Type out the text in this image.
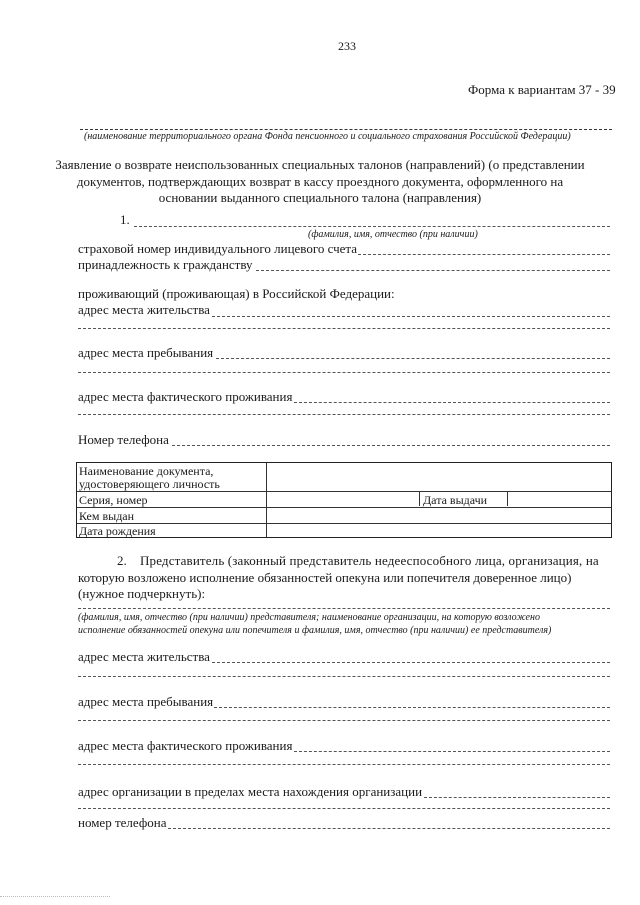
233
Форма к вариантам 37 - 39
(наименование территориального органа Фонда пенсионного и социального страхования Российской Федерации)
Заявление о возврате неиспользованных специальных талонов (направлений) (о представлении
документов, подтверждающих возврат в кассу проездного документа, оформленного на
основании выданного специального талона (направления)
1.
(фамилия, имя, отчество (при наличии)
страховой номер индивидуального лицевого счета
принадлежность к гражданству
проживающий (проживающая) в Российской Федерации:
адрес места жительства
адрес места пребывания
адрес места фактического проживания
Номер телефона
Наименование документа,
удостоверяющего личность
Серия, номер	Дата выдачи
Кем выдан
Дата рождения
2. Представитель (законный представитель недееспособного лица, организация, на
которую возложено исполнение обязанностей опекуна или попечителя доверенное лицо)
(нужное подчеркнуть):
(фамилия, имя, отчество (при наличии) представителя; наименование организации, на которую возложено
исполнение обязанностей опекуна или попечителя и фамилия, имя, отчество (при наличии) ее представителя)
адрес места жительства
адрес места пребывания
адрес места фактического проживания
адрес организации в пределах места нахождения организации
номер телефона
